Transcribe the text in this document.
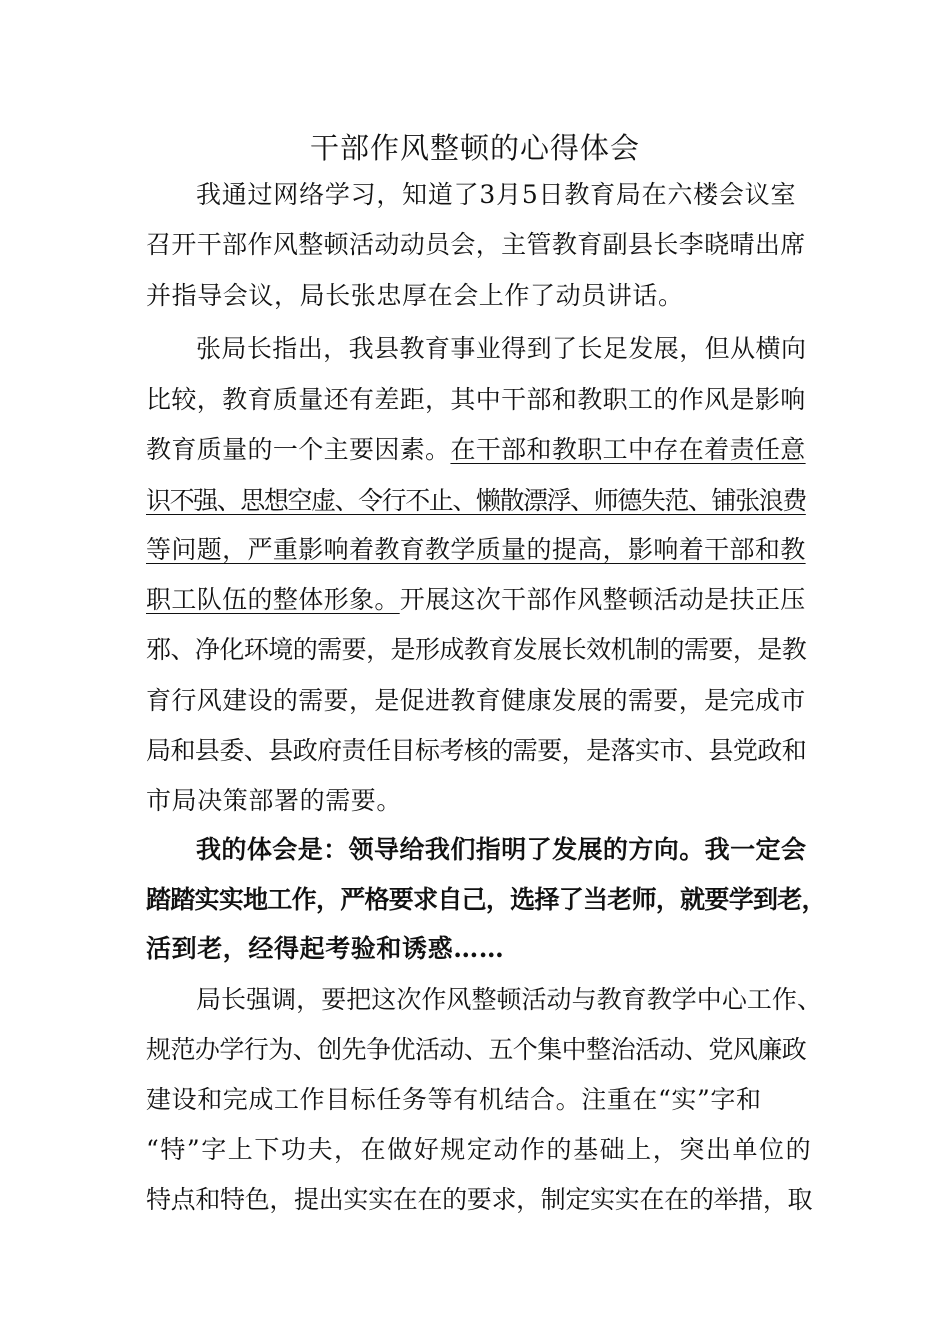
干部作风整顿的心得体会
我通过网络学习，知道了3月5日教育局在六楼会议室
召开干部作风整顿活动动员会，主管教育副县长李晓晴出席
并指导会议，局长张忠厚在会上作了动员讲话。
张局长指出，我县教育事业得到了长足发展，但从横向
比较，教育质量还有差距，其中干部和教职工的作风是影响
教育质量的一个主要因素。在干部和教职工中存在着责任意
识不强、思想空虚、令行不止、懒散漂浮、师德失范、铺张浪费
等问题，严重影响着教育教学质量的提高，影响着干部和教
职工队伍的整体形象。开展这次干部作风整顿活动是扶正压
邪、净化环境的需要，是形成教育发展长效机制的需要，是教
育行风建设的需要，是促进教育健康发展的需要，是完成市
局和县委、县政府责任目标考核的需要，是落实市、县党政和
市局决策部署的需要。
我的体会是：领导给我们指明了发展的方向。我一定会
踏踏实实地工作，严格要求自己，选择了当老师，就要学到老，
活到老，经得起考验和诱惑……
局长强调，要把这次作风整顿活动与教育教学中心工作、
规范办学行为、创先争优活动、五个集中整治活动、党风廉政
建设和完成工作目标任务等有机结合。注重在“实”字和
“特”字上下功夫，在做好规定动作的基础上，突出单位的
特点和特色，提出实实在在的要求，制定实实在在的举措，取
